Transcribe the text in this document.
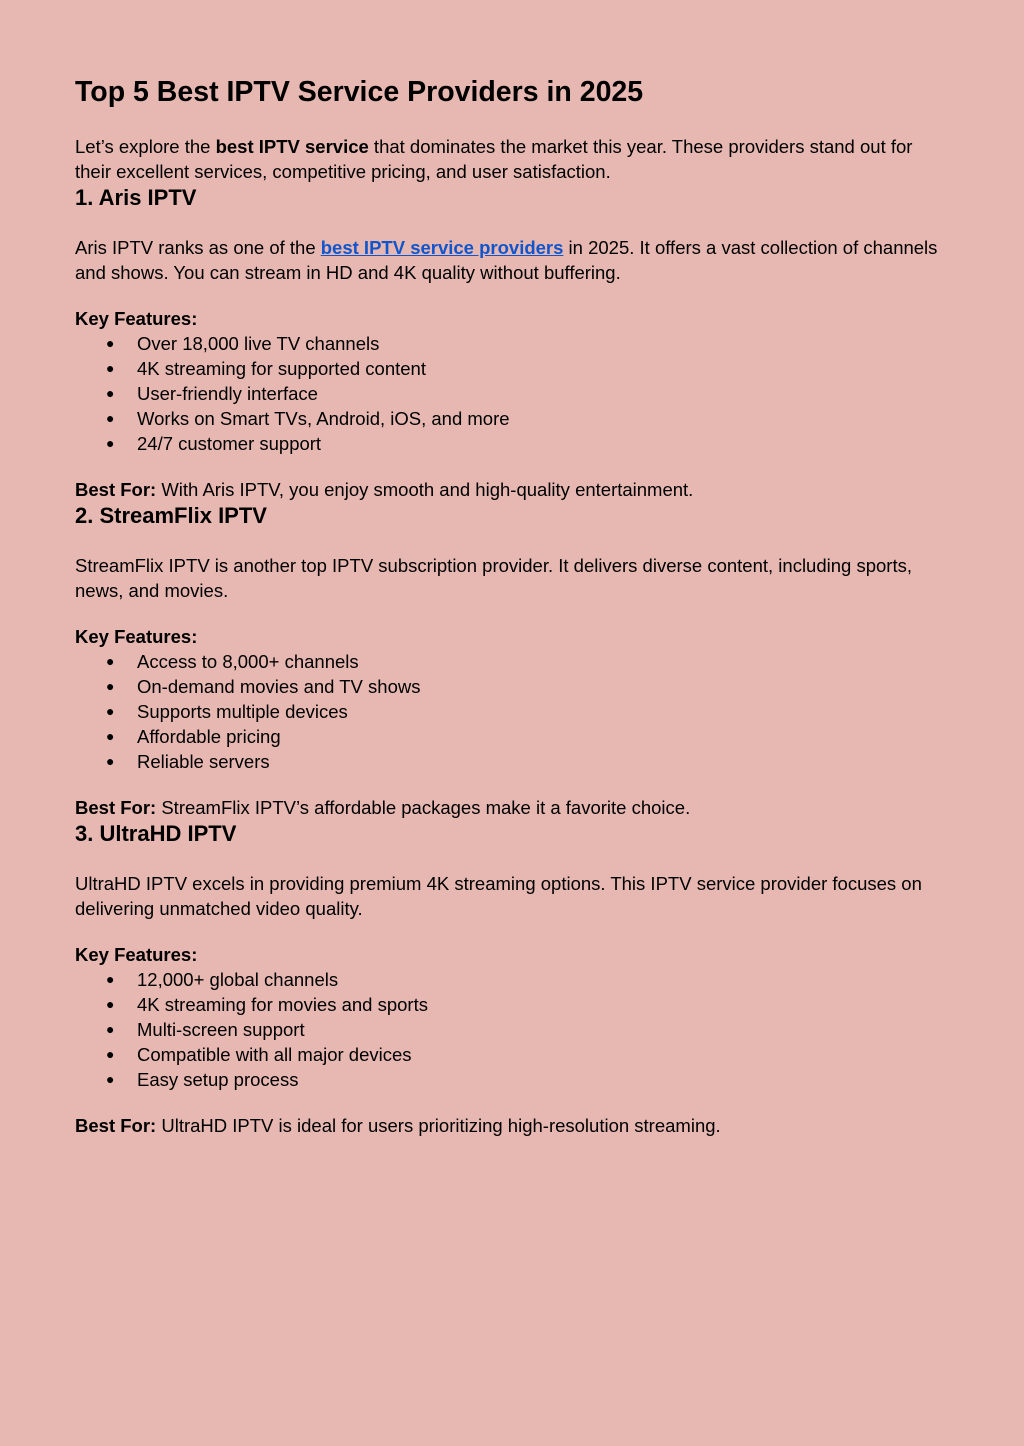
Top 5 Best IPTV Service Providers in 2025

Let’s explore the best IPTV service that dominates the market this year. These providers stand out for their excellent services, competitive pricing, and user satisfaction.

1. Aris IPTV

Aris IPTV ranks as one of the best IPTV service providers in 2025. It offers a vast collection of channels and shows. You can stream in HD and 4K quality without buffering.

Key Features:

● Over 18,000 live TV channels
● 4K streaming for supported content
● User-friendly interface
● Works on Smart TVs, Android, iOS, and more
● 24/7 customer support

Best For: With Aris IPTV, you enjoy smooth and high-quality entertainment.

2. StreamFlix IPTV

StreamFlix IPTV is another top IPTV subscription provider. It delivers diverse content, including sports, news, and movies.

Key Features:

● Access to 8,000+ channels
● On-demand movies and TV shows
● Supports multiple devices
● Affordable pricing
● Reliable servers

Best For: StreamFlix IPTV’s affordable packages make it a favorite choice.

3. UltraHD IPTV

UltraHD IPTV excels in providing premium 4K streaming options. This IPTV service provider focuses on delivering unmatched video quality.

Key Features:

● 12,000+ global channels
● 4K streaming for movies and sports
● Multi-screen support
● Compatible with all major devices
● Easy setup process

Best For: UltraHD IPTV is ideal for users prioritizing high-resolution streaming.
